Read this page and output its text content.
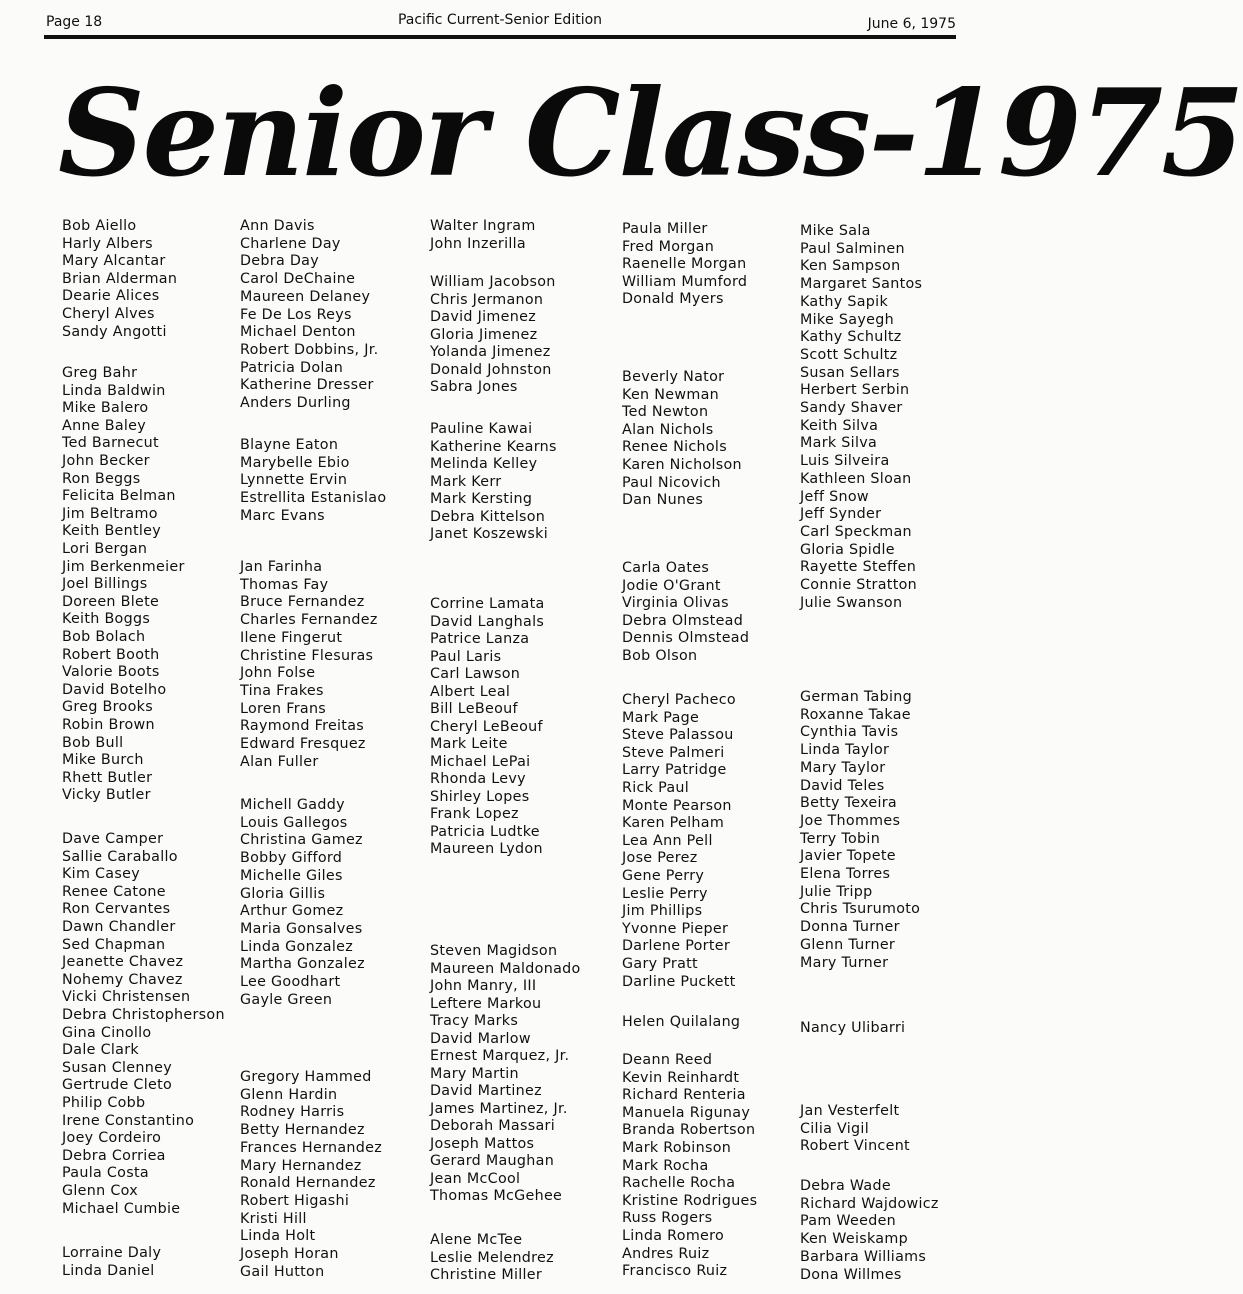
Page 18	Pacific Current-Senior Edition	June 6, 1975
Senior Class-1975
Bob Aiello
Harly Albers
Mary Alcantar
Brian Alderman
Dearie Alices
Cheryl Alves
Sandy Angotti
Greg Bahr
Linda Baldwin
Mike Balero
Anne Baley
Ted Barnecut
John Becker
Ron Beggs
Felicita Belman
Jim Beltramo
Keith Bentley
Lori Bergan
Jim Berkenmeier
Joel Billings
Doreen Blete
Keith Boggs
Bob Bolach
Robert Booth
Valorie Boots
David Botelho
Greg Brooks
Robin Brown
Bob Bull
Mike Burch
Rhett Butler
Vicky Butler
Dave Camper
Sallie Caraballo
Kim Casey
Renee Catone
Ron Cervantes
Dawn Chandler
Sed Chapman
Jeanette Chavez
Nohemy Chavez
Vicki Christensen
Debra Christopherson
Gina Cinollo
Dale Clark
Susan Clenney
Gertrude Cleto
Philip Cobb
Irene Constantino
Joey Cordeiro
Debra Corriea
Paula Costa
Glenn Cox
Michael Cumbie
Lorraine Daly
Linda Daniel
Ann Davis
Charlene Day
Debra Day
Carol DeChaine
Maureen Delaney
Fe De Los Reys
Michael Denton
Robert Dobbins, Jr.
Patricia Dolan
Katherine Dresser
Anders Durling
Blayne Eaton
Marybelle Ebio
Lynnette Ervin
Estrellita Estanislao
Marc Evans
Jan Farinha
Thomas Fay
Bruce Fernandez
Charles Fernandez
Ilene Fingerut
Christine Flesuras
John Folse
Tina Frakes
Loren Frans
Raymond Freitas
Edward Fresquez
Alan Fuller
Michell Gaddy
Louis Gallegos
Christina Gamez
Bobby Gifford
Michelle Giles
Gloria Gillis
Arthur Gomez
Maria Gonsalves
Linda Gonzalez
Martha Gonzalez
Lee Goodhart
Gayle Green
Gregory Hammed
Glenn Hardin
Rodney Harris
Betty Hernandez
Frances Hernandez
Mary Hernandez
Ronald Hernandez
Robert Higashi
Kristi Hill
Linda Holt
Joseph Horan
Gail Hutton
Walter Ingram
John Inzerilla
William Jacobson
Chris Jermanon
David Jimenez
Gloria Jimenez
Yolanda Jimenez
Donald Johnston
Sabra Jones
Pauline Kawai
Katherine Kearns
Melinda Kelley
Mark Kerr
Mark Kersting
Debra Kittelson
Janet Koszewski
Corrine Lamata
David Langhals
Patrice Lanza
Paul Laris
Carl Lawson
Albert Leal
Bill LeBeouf
Cheryl LeBeouf
Mark Leite
Michael LePai
Rhonda Levy
Shirley Lopes
Frank Lopez
Patricia Ludtke
Maureen Lydon
Steven Magidson
Maureen Maldonado
John Manry, III
Leftere Markou
Tracy Marks
David Marlow
Ernest Marquez, Jr.
Mary Martin
David Martinez
James Martinez, Jr.
Deborah Massari
Joseph Mattos
Gerard Maughan
Jean McCool
Thomas McGehee
Alene McTee
Leslie Melendrez
Christine Miller
Paula Miller
Fred Morgan
Raenelle Morgan
William Mumford
Donald Myers
Beverly Nator
Ken Newman
Ted Newton
Alan Nichols
Renee Nichols
Karen Nicholson
Paul Nicovich
Dan Nunes
Carla Oates
Jodie O'Grant
Virginia Olivas
Debra Olmstead
Dennis Olmstead
Bob Olson
Cheryl Pacheco
Mark Page
Steve Palassou
Steve Palmeri
Larry Patridge
Rick Paul
Monte Pearson
Karen Pelham
Lea Ann Pell
Jose Perez
Gene Perry
Leslie Perry
Jim Phillips
Yvonne Pieper
Darlene Porter
Gary Pratt
Darline Puckett
Helen Quilalang
Deann Reed
Kevin Reinhardt
Richard Renteria
Manuela Rigunay
Branda Robertson
Mark Robinson
Mark Rocha
Rachelle Rocha
Kristine Rodrigues
Russ Rogers
Linda Romero
Andres Ruiz
Francisco Ruiz
Mike Sala
Paul Salminen
Ken Sampson
Margaret Santos
Kathy Sapik
Mike Sayegh
Kathy Schultz
Scott Schultz
Susan Sellars
Herbert Serbin
Sandy Shaver
Keith Silva
Mark Silva
Luis Silveira
Kathleen Sloan
Jeff Snow
Jeff Synder
Carl Speckman
Gloria Spidle
Rayette Steffen
Connie Stratton
Julie Swanson
German Tabing
Roxanne Takae
Cynthia Tavis
Linda Taylor
Mary Taylor
David Teles
Betty Texeira
Joe Thommes
Terry Tobin
Javier Topete
Elena Torres
Julie Tripp
Chris Tsurumoto
Donna Turner
Glenn Turner
Mary Turner
Nancy Ulibarri
Jan Vesterfelt
Cilia Vigil
Robert Vincent
Debra Wade
Richard Wajdowicz
Pam Weeden
Ken Weiskamp
Barbara Williams
Dona Willmes
